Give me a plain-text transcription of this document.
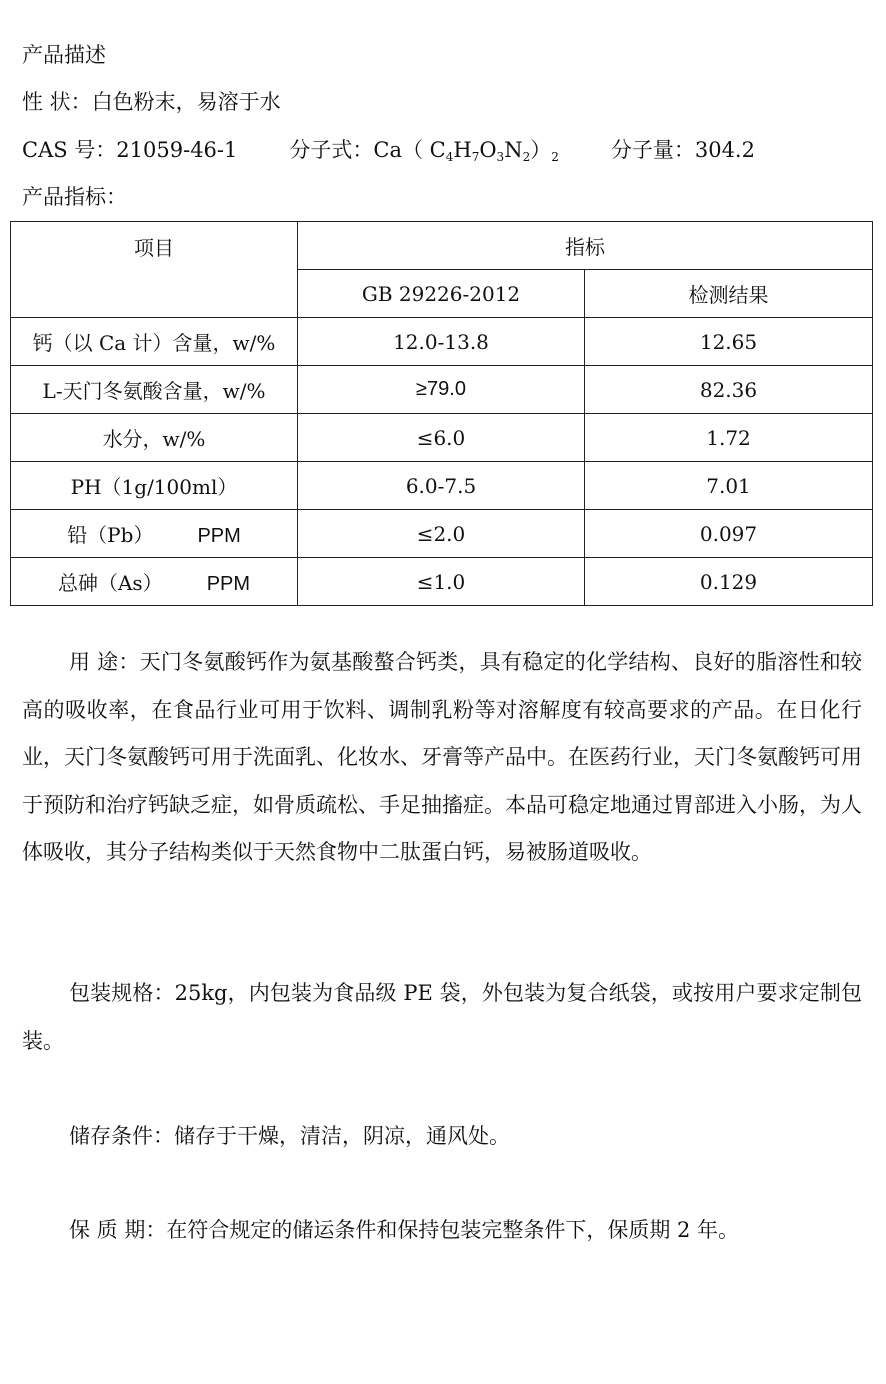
产品描述

性 状：白色粉末，易溶于水

CAS 号：21059-46-1 分子式：Ca（ $C_4H_7O_3N_2)_2$ 分子量：304.2

产品指标：

项目	指标	
	GB 29226-2012	检测结果
钙（以 Ca 计）含量，w/%	12.0-13.8	12.65
L-天门冬氨酸含量，w/%	≥79.0	82.36
水分，w/%	≤6.0	1.72
PH（1g/100ml）	6.0-7.5	7.01
铅（Pb） PPM	≤2.0	0.097
总砷（As） PPM	≤1.0	0.129

用 途：天门冬氨酸钙作为氨基酸螯合钙类，具有稳定的化学结构、良好的脂溶性和较高的吸收率，在食品行业可用于饮料、调制乳粉等对溶解度有较高要求的产品。在日化行业，天门冬氨酸钙可用于洗面乳、化妆水、牙膏等产品中。在医药行业，天门冬氨酸钙可用于预防和治疗钙缺乏症，如骨质疏松、手足抽搐症。本品可稳定地通过胃部进入小肠，为人体吸收，其分子结构类似于天然食物中二肽蛋白钙，易被肠道吸收。

包装规格：25kg，内包装为食品级 PE 袋，外包装为复合纸袋，或按用户要求定制包装。

储存条件：储存于干燥，清洁，阴凉，通风处。

保 质 期：在符合规定的储运条件和保持包装完整条件下，保质期 2 年。
